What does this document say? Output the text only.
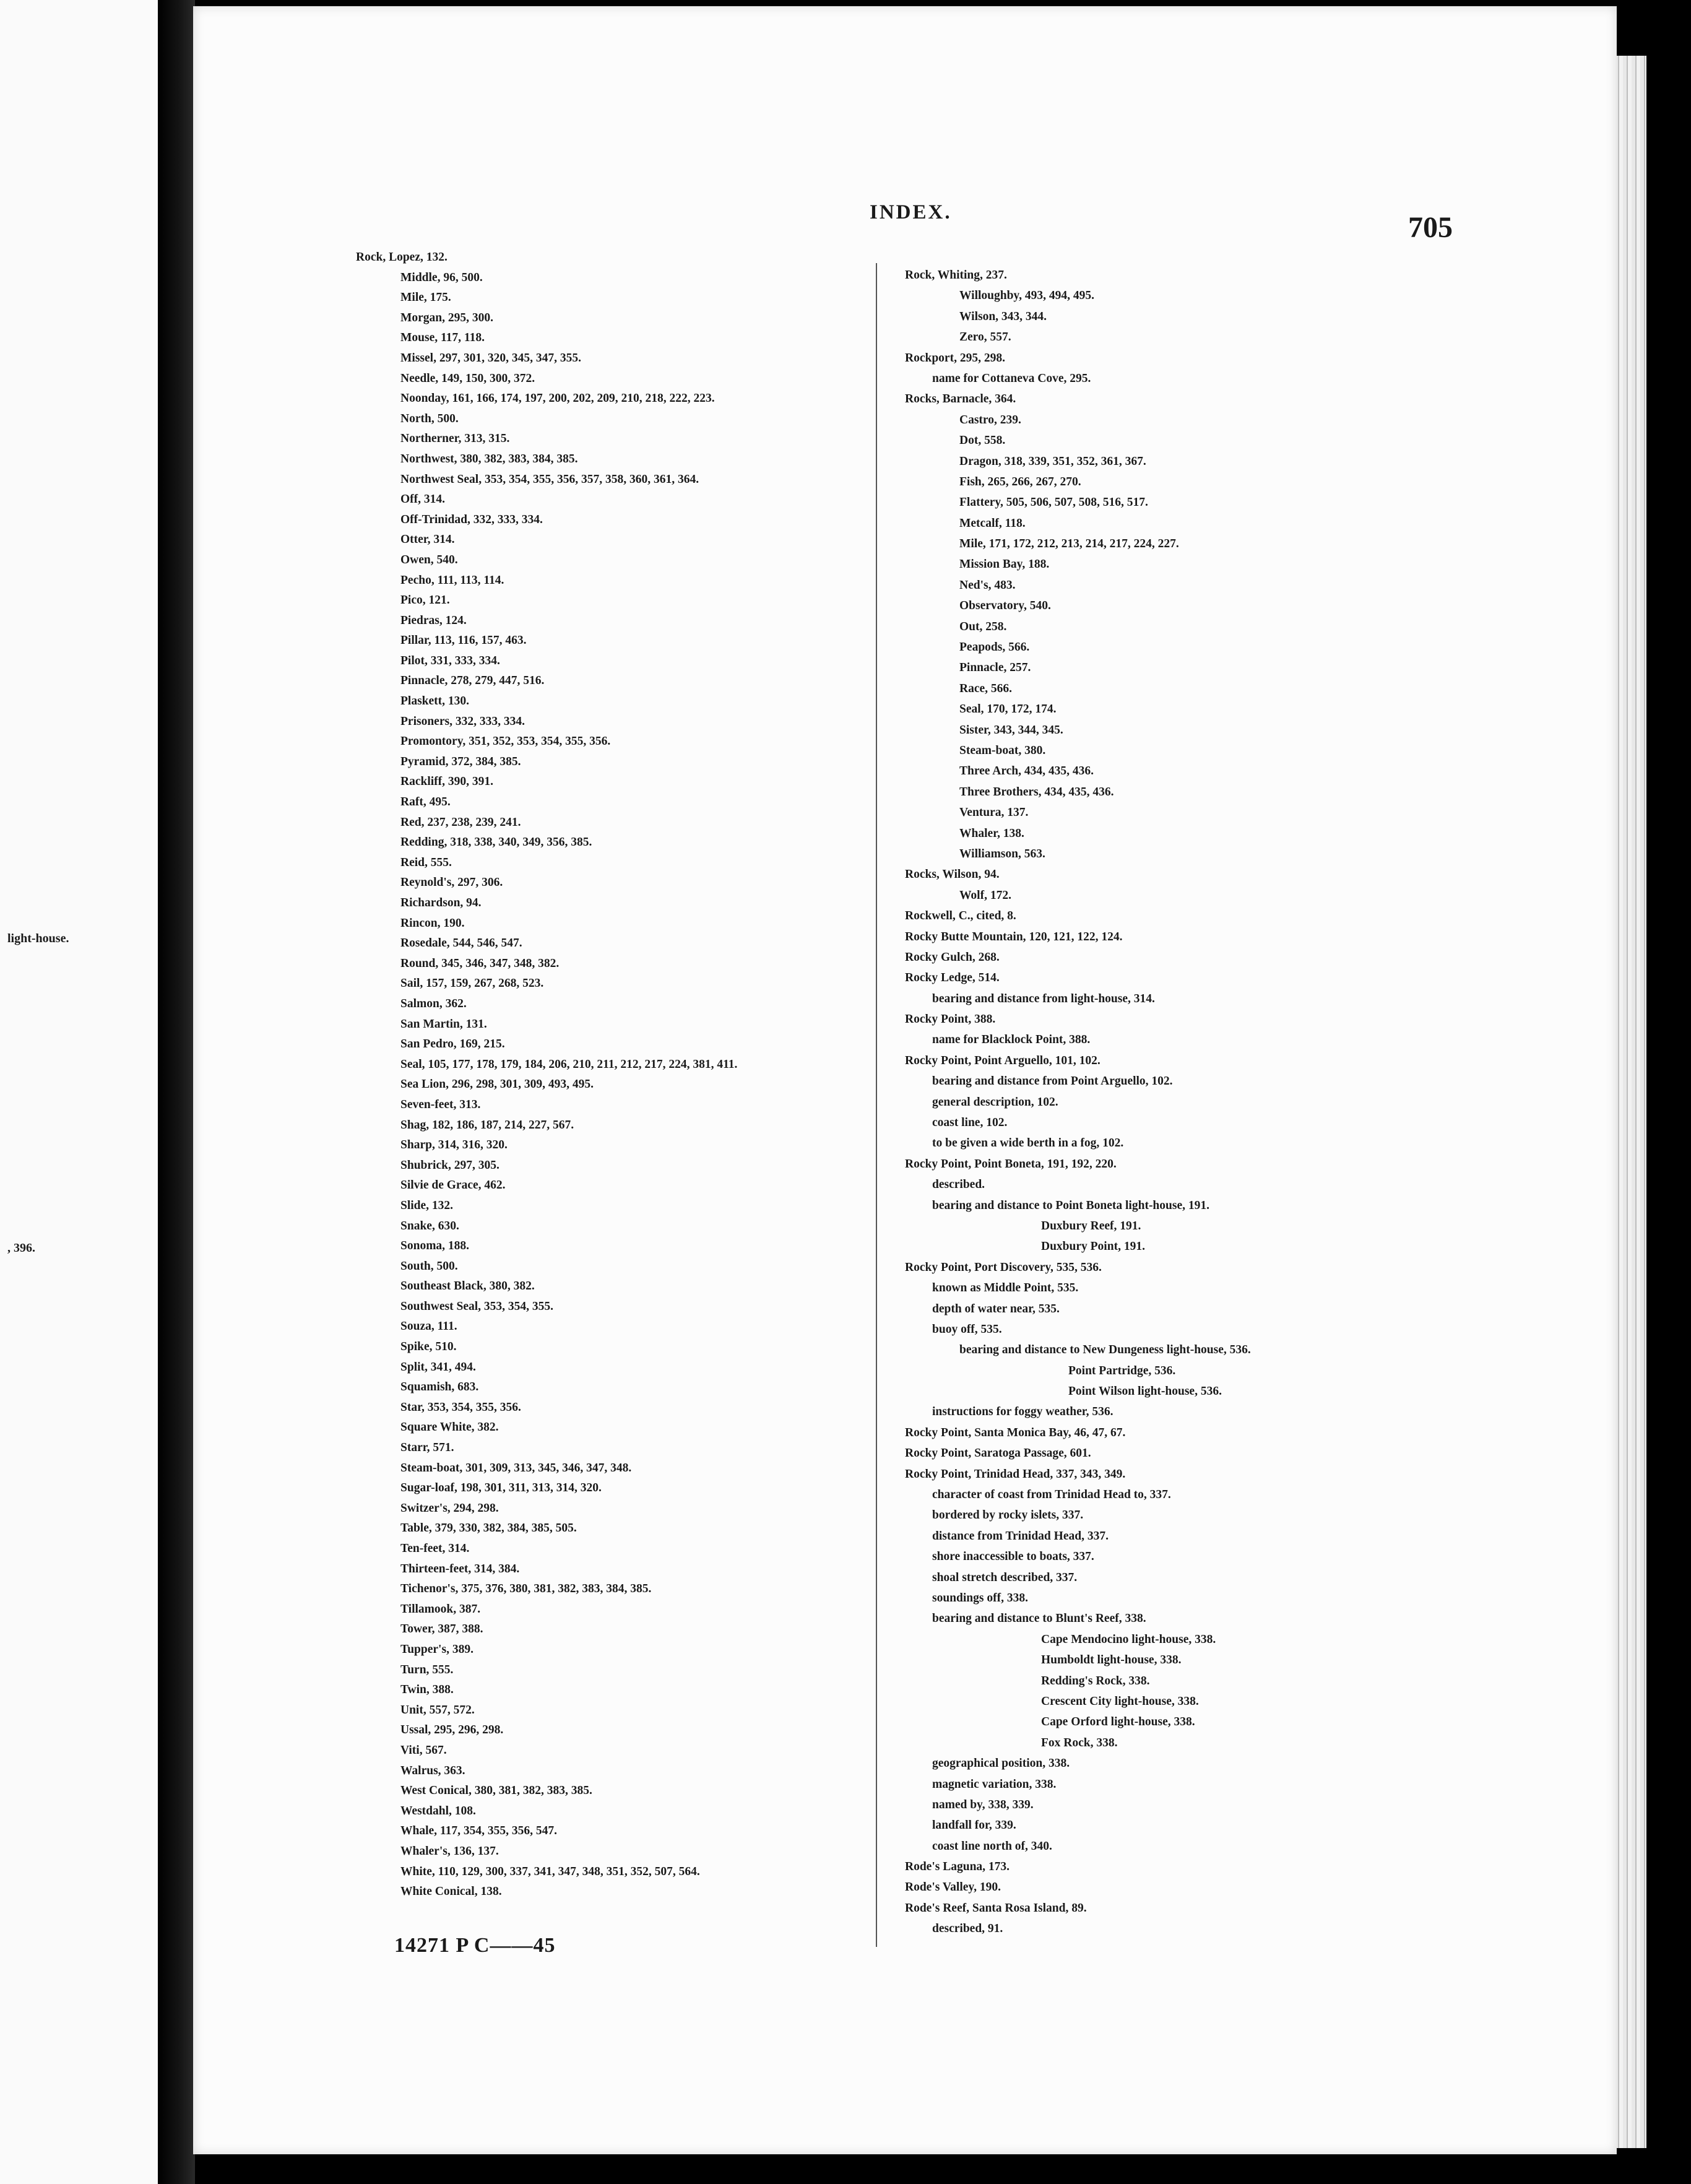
light-house.
, 396.
INDEX.	705
Rock, Lopez, 132.
Middle, 96, 500.
Mile, 175.
Morgan, 295, 300.
Mouse, 117, 118.
Missel, 297, 301, 320, 345, 347, 355.
Needle, 149, 150, 300, 372.
Noonday, 161, 166, 174, 197, 200, 202, 209, 210, 218, 222, 223.
North, 500.
Northerner, 313, 315.
Northwest, 380, 382, 383, 384, 385.
Northwest Seal, 353, 354, 355, 356, 357, 358, 360, 361, 364.
Off, 314.
Off-Trinidad, 332, 333, 334.
Otter, 314.
Owen, 540.
Pecho, 111, 113, 114.
Pico, 121.
Piedras, 124.
Pillar, 113, 116, 157, 463.
Pilot, 331, 333, 334.
Pinnacle, 278, 279, 447, 516.
Plaskett, 130.
Prisoners, 332, 333, 334.
Promontory, 351, 352, 353, 354, 355, 356.
Pyramid, 372, 384, 385.
Rackliff, 390, 391.
Raft, 495.
Red, 237, 238, 239, 241.
Redding, 318, 338, 340, 349, 356, 385.
Reid, 555.
Reynold's, 297, 306.
Richardson, 94.
Rincon, 190.
Rosedale, 544, 546, 547.
Round, 345, 346, 347, 348, 382.
Sail, 157, 159, 267, 268, 523.
Salmon, 362.
San Martin, 131.
San Pedro, 169, 215.
Seal, 105, 177, 178, 179, 184, 206, 210, 211, 212, 217, 224, 381, 411.
Sea Lion, 296, 298, 301, 309, 493, 495.
Seven-feet, 313.
Shag, 182, 186, 187, 214, 227, 567.
Sharp, 314, 316, 320.
Shubrick, 297, 305.
Silvie de Grace, 462.
Slide, 132.
Snake, 630.
Sonoma, 188.
South, 500.
Southeast Black, 380, 382.
Southwest Seal, 353, 354, 355.
Souza, 111.
Spike, 510.
Split, 341, 494.
Squamish, 683.
Star, 353, 354, 355, 356.
Square White, 382.
Starr, 571.
Steam-boat, 301, 309, 313, 345, 346, 347, 348.
Sugar-loaf, 198, 301, 311, 313, 314, 320.
Switzer's, 294, 298.
Table, 379, 330, 382, 384, 385, 505.
Ten-feet, 314.
Thirteen-feet, 314, 384.
Tichenor's, 375, 376, 380, 381, 382, 383, 384, 385.
Tillamook, 387.
Tower, 387, 388.
Tupper's, 389.
Turn, 555.
Twin, 388.
Unit, 557, 572.
Ussal, 295, 296, 298.
Viti, 567.
Walrus, 363.
West Conical, 380, 381, 382, 383, 385.
Westdahl, 108.
Whale, 117, 354, 355, 356, 547.
Whaler's, 136, 137.
White, 110, 129, 300, 337, 341, 347, 348, 351, 352, 507, 564.
White Conical, 138.
Rock, Whiting, 237.
Willoughby, 493, 494, 495.
Wilson, 343, 344.
Zero, 557.
Rockport, 295, 298.
name for Cottaneva Cove, 295.
Rocks, Barnacle, 364.
Castro, 239.
Dot, 558.
Dragon, 318, 339, 351, 352, 361, 367.
Fish, 265, 266, 267, 270.
Flattery, 505, 506, 507, 508, 516, 517.
Metcalf, 118.
Mile, 171, 172, 212, 213, 214, 217, 224, 227.
Mission Bay, 188.
Ned's, 483.
Observatory, 540.
Out, 258.
Peapods, 566.
Pinnacle, 257.
Race, 566.
Seal, 170, 172, 174.
Sister, 343, 344, 345.
Steam-boat, 380.
Three Arch, 434, 435, 436.
Three Brothers, 434, 435, 436.
Ventura, 137.
Whaler, 138.
Williamson, 563.
Rocks, Wilson, 94.
Wolf, 172.
Rockwell, C., cited, 8.
Rocky Butte Mountain, 120, 121, 122, 124.
Rocky Gulch, 268.
Rocky Ledge, 514.
bearing and distance from light-house, 314.
Rocky Point, 388.
name for Blacklock Point, 388.
Rocky Point, Point Arguello, 101, 102.
bearing and distance from Point Arguello, 102.
general description, 102.
coast line, 102.
to be given a wide berth in a fog, 102.
Rocky Point, Point Boneta, 191, 192, 220.
described.
bearing and distance to Point Boneta light-house, 191.
Duxbury Reef, 191.
Duxbury Point, 191.
Rocky Point, Port Discovery, 535, 536.
known as Middle Point, 535.
depth of water near, 535.
buoy off, 535.
bearing and distance to New Dungeness light-house, 536.
Point Partridge, 536.
Point Wilson light-house, 536.
instructions for foggy weather, 536.
Rocky Point, Santa Monica Bay, 46, 47, 67.
Rocky Point, Saratoga Passage, 601.
Rocky Point, Trinidad Head, 337, 343, 349.
character of coast from Trinidad Head to, 337.
bordered by rocky islets, 337.
distance from Trinidad Head, 337.
shore inaccessible to boats, 337.
shoal stretch described, 337.
soundings off, 338.
bearing and distance to Blunt's Reef, 338.
Cape Mendocino light-house, 338.
Humboldt light-house, 338.
Redding's Rock, 338.
Crescent City light-house, 338.
Cape Orford light-house, 338.
Fox Rock, 338.
geographical position, 338.
magnetic variation, 338.
named by, 338, 339.
landfall for, 339.
coast line north of, 340.
Rode's Laguna, 173.
Rode's Valley, 190.
Rode's Reef, Santa Rosa Island, 89.
described, 91.
14271 P C——45
